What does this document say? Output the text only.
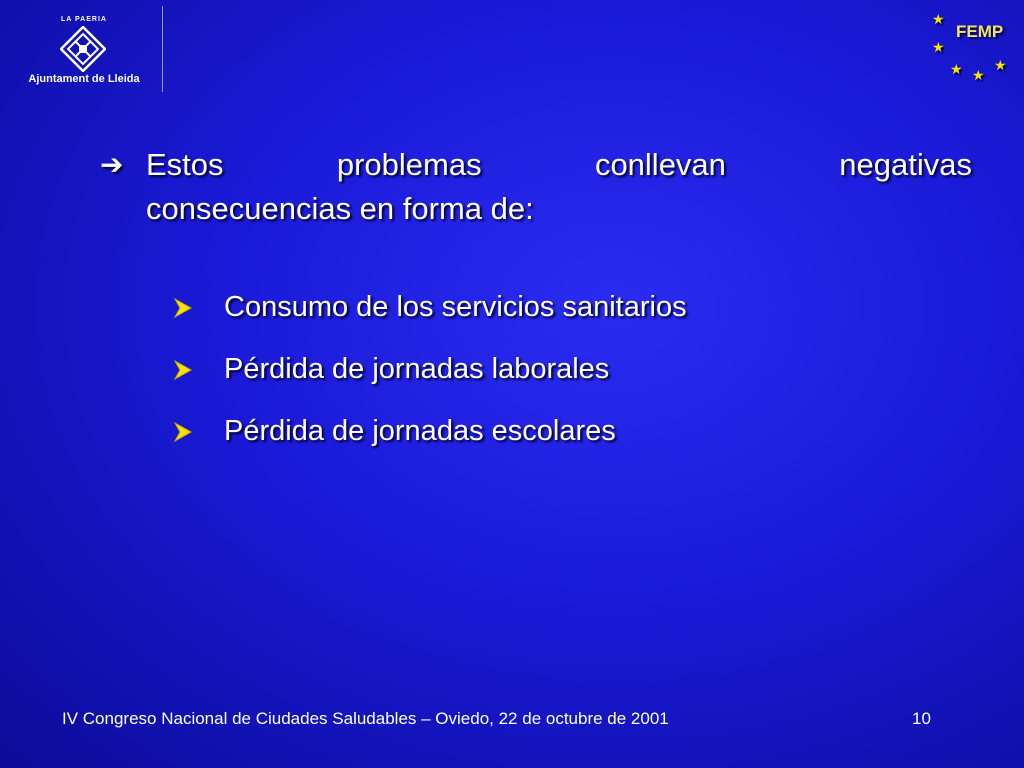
LA PAERIA
Ajuntament de Lleida
★
★
★ ★
★
FEMP
➔ Estos	problemas	conllevan	negativas
consecuencias en forma de:
Consumo de los servicios sanitarios
Pérdida de jornadas laborales
Pérdida de jornadas escolares
IV Congreso Nacional de Ciudades Saludables – Oviedo, 22 de octubre de 2001	10
